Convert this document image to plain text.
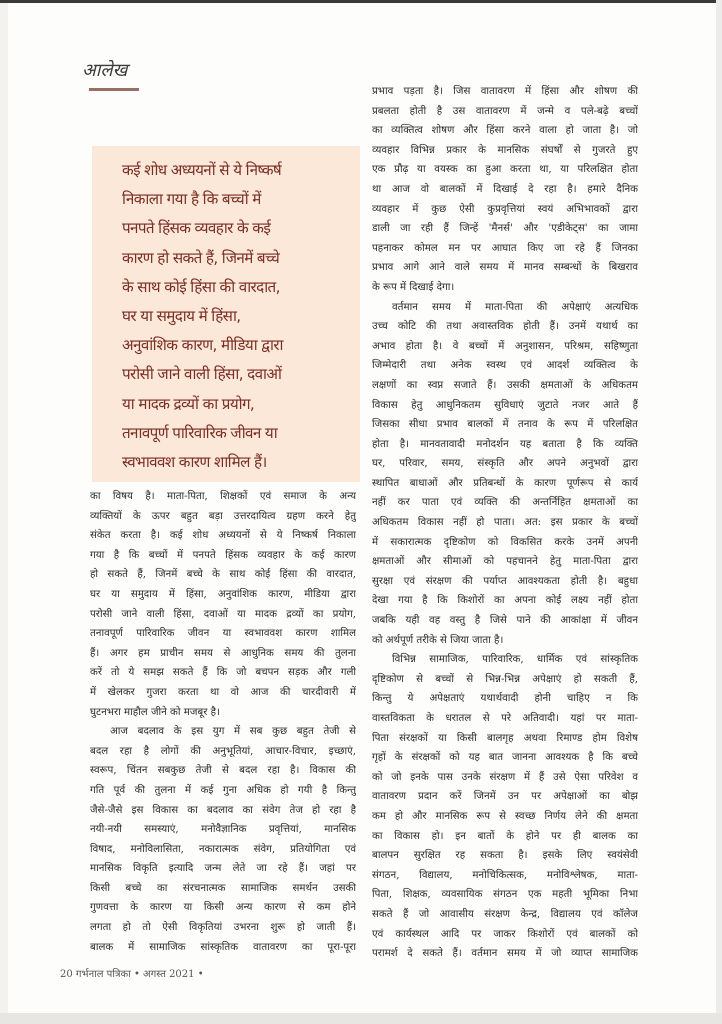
आलेख

कई शोध अध्ययनों से ये निष्कर्ष

निकाला गया है कि बच्चों में

पनपते हिंसक व्यवहार के कई

कारण हो सकते हैं, जिनमें बच्चे

के साथ कोई हिंसा की वारदात,

घर या समुदाय में हिंसा,

अनुवांशिक कारण, मीडिया द्वारा

परोसी जाने वाली हिंसा, दवाओं

या मादक द्रव्यों का प्रयोग,

तनावपूर्ण पारिवारिक जीवन या

स्वभाववश कारण शामिल हैं।

का विषय है। माता-पिता, शिक्षकों एवं समाज के अन्य
व्यक्तियों के ऊपर बहुत बड़ा उत्तरदायित्व ग्रहण करने हेतु
संकेत करता है। कई शोध अध्ययनों से ये निष्कर्ष निकाला
गया है कि बच्चों में पनपते हिंसक व्यवहार के कई कारण
हो सकते हैं, जिनमें बच्चे के साथ कोई हिंसा की वारदात,
घर या समुदाय में हिंसा, अनुवांशिक कारण, मीडिया द्वारा
परोसी जाने वाली हिंसा, दवाओं या मादक द्रव्यों का प्रयोग,
तनावपूर्ण पारिवारिक जीवन या स्वभाववश कारण शामिल
हैं। अगर हम प्राचीन समय से आधुनिक समय की तुलना
करें तो ये समझ सकते हैं कि जो बचपन सड़क और गली
में खेलकर गुजरा करता था वो आज की चारदीवारी में
घुटनभरा माहौल जीने को मजबूर है।
आज बदलाव के इस युग में सब कुछ बहुत तेजी से
बदल रहा है लोगों की अनुभूतियां, आचार-विचार, इच्छाएं,
स्वरूप, चिंतन सबकुछ तेजी से बदल रहा है। विकास की
गति पूर्व की तुलना में कई गुना अधिक हो गयी है किन्तु
जैसे-जैसे इस विकास का बदलाव का संवेग तेज हो रहा है
नयी-नयी समस्याएं, मनोवैज्ञानिक प्रवृत्तियां, मानसिक
विषाद, मनोविलासिता, नकारात्मक संवेग, प्रतियोगिता एवं
मानसिक विकृति इत्यादि जन्म लेते जा रहे हैं। जहां पर
किसी बच्चे का संरचनात्मक सामाजिक समर्थन उसकी
गुणवत्ता के कारण या किसी अन्य कारण से कम होने
लगता हो तो ऐसी विकृतियां उभरना शुरू हो जाती हैं।
बालक में सामाजिक सांस्कृतिक वातावरण का पूरा-पूरा
प्रभाव पड़ता है। जिस वातावरण में हिंसा और शोषण की
प्रबलता होती है उस वातावरण में जन्मे व पले-बढ़े बच्चों
का व्यक्तित्व शोषण और हिंसा करने वाला हो जाता है। जो
व्यवहार विभिन्न प्रकार के मानसिक संघर्षों से गुजरते हुए
एक प्रौढ़ या वयस्क का हुआ करता था, या परिलक्षित होता
था आज वो बालकों में दिखाई दे रहा है। हमारे दैनिक
व्यवहार में कुछ ऐसी कुप्रवृत्तियां स्वयं अभिभावकों द्वारा
डाली जा रही हैं जिन्हें 'मैनर्स' और 'एडीकेट्स' का जामा
पहनाकर कोमल मन पर आघात किए जा रहे हैं जिनका
प्रभाव आगे आने वाले समय में मानव सम्बन्धों के बिखराव
के रूप में दिखाई देगा।
वर्तमान समय में माता-पिता की अपेक्षाएं अत्यधिक
उच्च कोटि की तथा अवास्तविक होती हैं। उनमें यथार्थ का
अभाव होता है। वे बच्चों में अनुशासन, परिश्रम, सहिष्णुता
जिम्मेदारी तथा अनेक स्वस्थ एवं आदर्श व्यक्तित्व के
लक्षणों का स्वप्न सजाते हैं। उसकी क्षमताओं के अधिकतम
विकास हेतु आधुनिकतम सुविधाएं जुटाते नजर आते हैं
जिसका सीधा प्रभाव बालकों में तनाव के रूप में परिलक्षित
होता है। मानवतावादी मनोदर्शन यह बताता है कि व्यक्ति
घर, परिवार, समय, संस्कृति और अपने अनुभवों द्वारा
स्थापित बाधाओं और प्रतिबन्धों के कारण पूर्णरूप से कार्य
नहीं कर पाता एवं व्यक्ति की अन्तर्निहित क्षमताओं का
अधिकतम विकास नहीं हो पाता। अत: इस प्रकार के बच्चों
में सकारात्मक दृष्टिकोण को विकसित करके उनमें अपनी
क्षमताओं और सीमाओं को पहचानने हेतु माता-पिता द्वारा
सुरक्षा एवं संरक्षण की पर्याप्त आवश्यकता होती है। बहुधा
देखा गया है कि किशोरों का अपना कोई लक्ष्य नहीं होता
जबकि यही वह वस्तु है जिसे पाने की आकांक्षा में जीवन
को अर्थपूर्ण तरीके से जिया जाता है।
विभिन्न सामाजिक, पारिवारिक, धार्मिक एवं सांस्कृतिक
दृष्टिकोण से बच्चों से भिन्न-भिन्न अपेक्षाएं हो सकती हैं,
किन्तु ये अपेक्षताएं यथार्थवादी होनी चाहिए न कि
वास्तविकता के धरातल से परे अतिवादी। यहां पर माता-
पिता संरक्षकों या किसी बालगृह अथवा रिमाण्ड होम विशेष
गृहों के संरक्षकों को यह बात जानना आवश्यक है कि बच्चे
को जो इनके पास उनके संरक्षण में हैं उसे ऐसा परिवेश व
वातावरण प्रदान करें जिनमें उन पर अपेक्षाओं का बोझ
कम हो और मानसिक रूप से स्वच्छ निर्णय लेने की क्षमता
का विकास हो। इन बातों के होने पर ही बालक का
बालपन सुरक्षित रह सकता है। इसके लिए स्वयंसेवी
संगठन, विद्यालय, मनोचिकित्सक, मनोविश्लेषक, माता-
पिता, शिक्षक, व्यवसायिक संगठन एक महती भूमिका निभा
सकते हैं जो आवासीय संरक्षण केन्द्र, विद्यालय एवं कॉलेज
एवं कार्यस्थल आदि पर जाकर किशोरों एवं बालकों को
परामर्श दे सकते हैं। वर्तमान समय में जो व्याप्त सामाजिक
20 गर्भनाल पत्रिका • अगस्त 2021 •
